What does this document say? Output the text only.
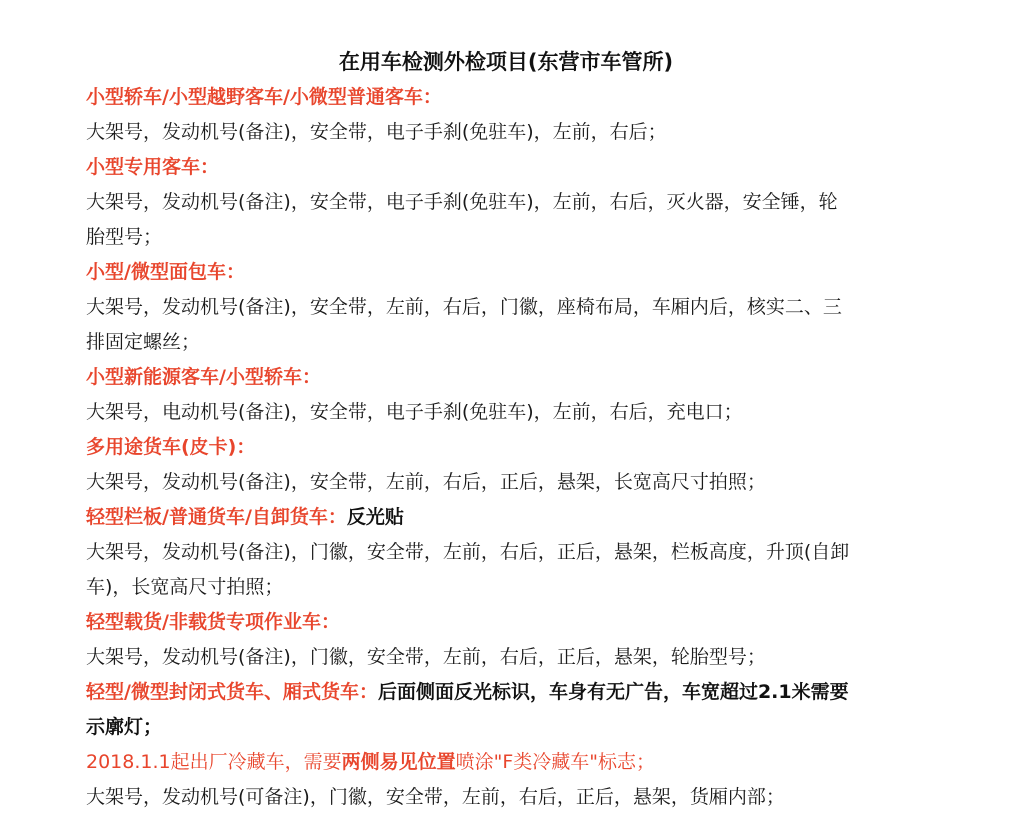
在用车检测外检项目(东营市车管所)
小型轿车/小型越野客车/小微型普通客车：
大架号，发动机号(备注)，安全带，电子手刹(免驻车)，左前，右后；
小型专用客车：
大架号，发动机号(备注)，安全带，电子手刹(免驻车)，左前，右后，灭火器，安全锤，轮
胎型号；
小型/微型面包车：
大架号，发动机号(备注)，安全带，左前，右后，门徽，座椅布局，车厢内后，核实二、三
排固定螺丝；
小型新能源客车/小型轿车：
大架号，电动机号(备注)，安全带，电子手刹(免驻车)，左前，右后，充电口；
多用途货车(皮卡)：
大架号，发动机号(备注)，安全带，左前，右后，正后，悬架，长宽高尺寸拍照；
轻型栏板/普通货车/自卸货车：反光贴
大架号，发动机号(备注)，门徽，安全带，左前，右后，正后，悬架，栏板高度，升顶(自卸
车)，长宽高尺寸拍照；
轻型载货/非载货专项作业车：
大架号，发动机号(备注)，门徽，安全带，左前，右后，正后，悬架，轮胎型号；
轻型/微型封闭式货车、厢式货车：后面侧面反光标识，车身有无广告，车宽超过2.1米需要
示廓灯；
2018.1.1起出厂冷藏车，需要两侧易见位置喷涂"F类冷藏车"标志；
大架号，发动机号(可备注)，门徽，安全带，左前，右后，正后，悬架，货厢内部；
